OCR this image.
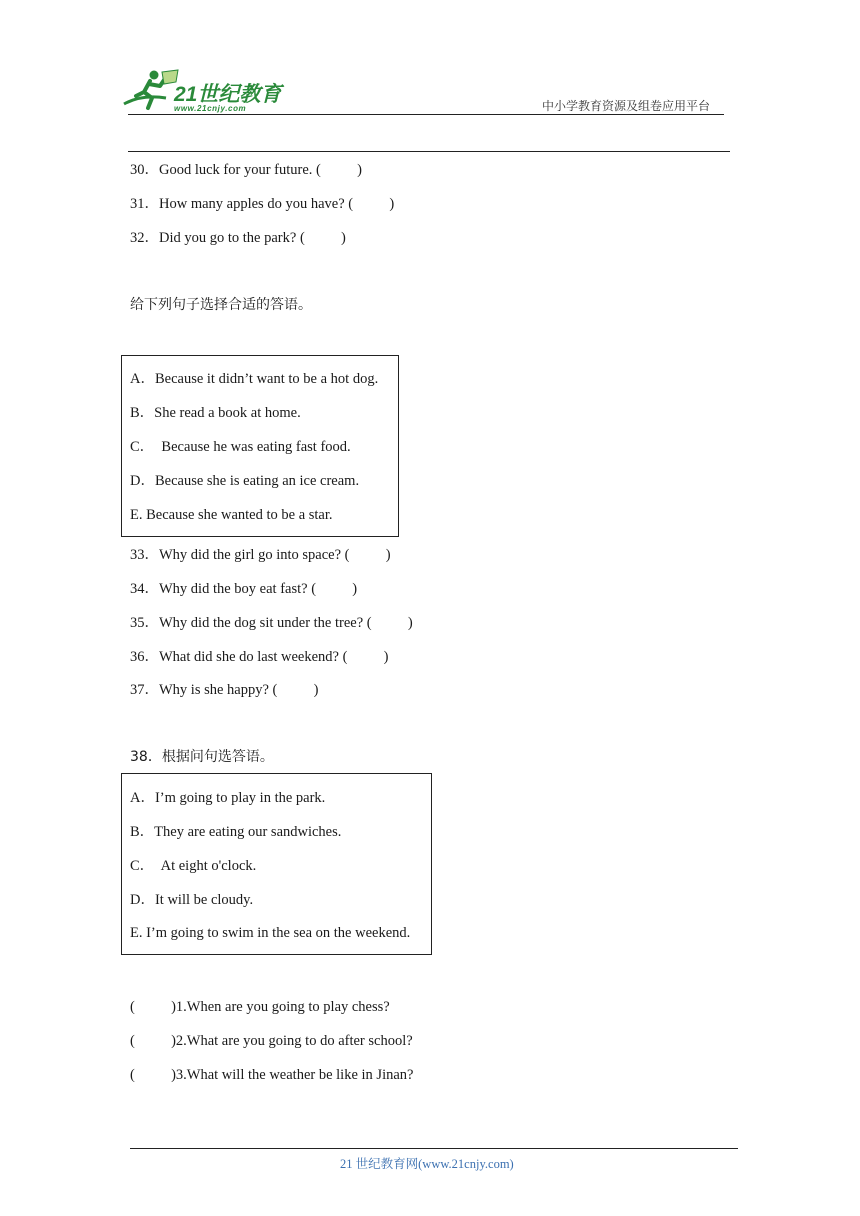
21世纪教育
www.21cnjy.com	中小学教育资源及组卷应用平台
30．Good luck for your future. (          )
31．How many apples do you have? (          )
32．Did you go to the park? (          )
给下列句子选择合适的答语。
A．Because it didn’t want to be a hot dog.
B．She read a book at home.
C．  Because he was eating fast food.
D．Because she is eating an ice cream.
E. Because she wanted to be a star.
33．Why did the girl go into space? (          )
34．Why did the boy eat fast? (          )
35．Why did the dog sit under the tree? (          )
36．What did she do last weekend? (          )
37．Why is she happy? (          )
38．根据问句选答语。
A．I’m going to play in the park.
B．They are eating our sandwiches.
C．  At eight o'clock.
D．It will be cloudy.
E. I’m going to swim in the sea on the weekend.
(          )1.When are you going to play chess?
(          )2.What are you going to do after school?
(          )3.What will the weather be like in Jinan?
21 世纪教育网(www.21cnjy.com)
